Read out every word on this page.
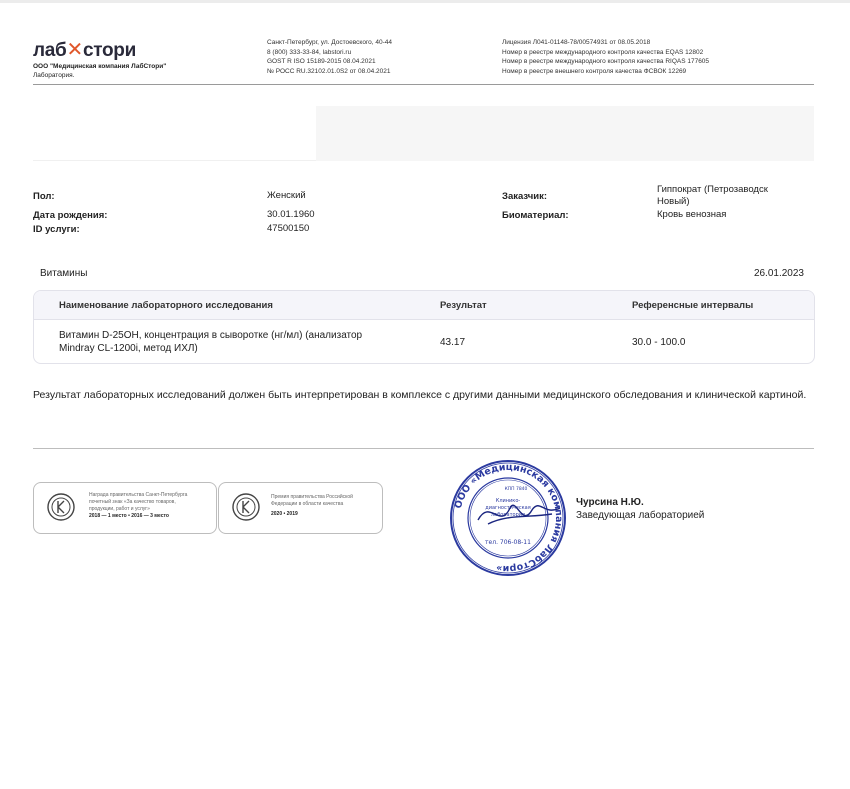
лаб✕стори
ООО "Медицинская компания ЛабСтори"
Лаборатория.
Санкт-Петербург, ул. Достоевского, 40-44
8 (800) 333-33-84, labstori.ru
GOST R ISO 15189-2015 08.04.2021
№ РОСС RU.32102.01.0S2 от 08.04.2021
Лицензия Л041-01148-78/00574931 от 08.05.2018
Номер в реестре международного контроля качества EQAS 12802
Номер в реестре международного контроля качества RIQAS 177605
Номер в реестре внешнего контроля качества ФСВОК 12269
Пол:	Женский
Дата рождения:	30.01.1960
ID услуги:	47500150
Заказчик:
Гиппократ (Петрозаводск
Новый)
Биоматериал:	Кровь венозная
Витамины	26.01.2023
Наименование лабораторного исследования	Результат	Референсные интервалы
Витамин D-25OH, концентрация в сыворотке (нг/мл) (анализатор
Mindray CL-1200i, метод ИХЛ)
43.17	30.0 - 100.0
Результат лабораторных исследований должен быть интерпретирован в комплексе с другими данными медицинского обследования и клинической картиной.
Награда правительства Санкт-Петербурга
почетный знак «За качество товаров,
продукции, работ и услуг»
2018 — 1 место • 2016 — 3 место
Премия правительства Российской
Федерации в области качества
2020 • 2019
ООО «Медицинская компания ЛабСтори»
Клинико-
диагностическая
лаборатория
КПП 7840
тел. 706-08-11
Чурсина Н.Ю.
Заведующая лабораторией
